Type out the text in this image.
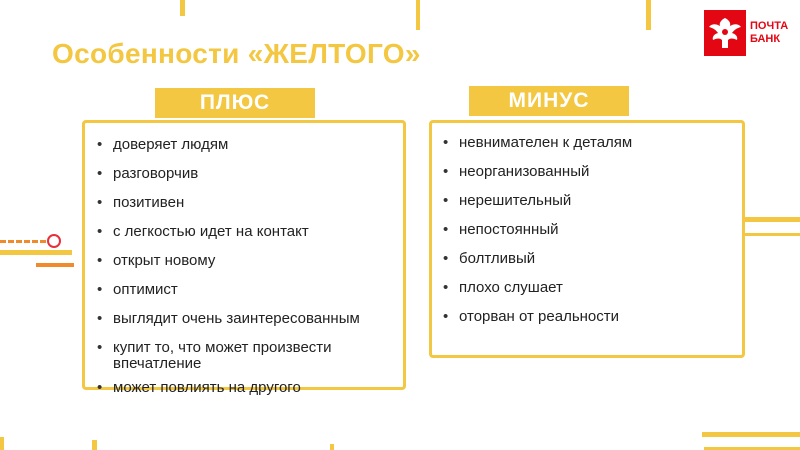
Особенности «ЖЕЛТОГО»
ПОЧТА
БАНК
ПЛЮС
• доверяет людям
• разговорчив
• позитивен
• с легкостью идет на контакт
• открыт новому
• оптимист
• выглядит очень заинтересованным
• купит то, что может произвести впечатление
• может повлиять на другого
МИНУС
• невнимателен к деталям
• неорганизованный
• нерешительный
• непостоянный
• болтливый
• плохо слушает
• оторван от реальности
